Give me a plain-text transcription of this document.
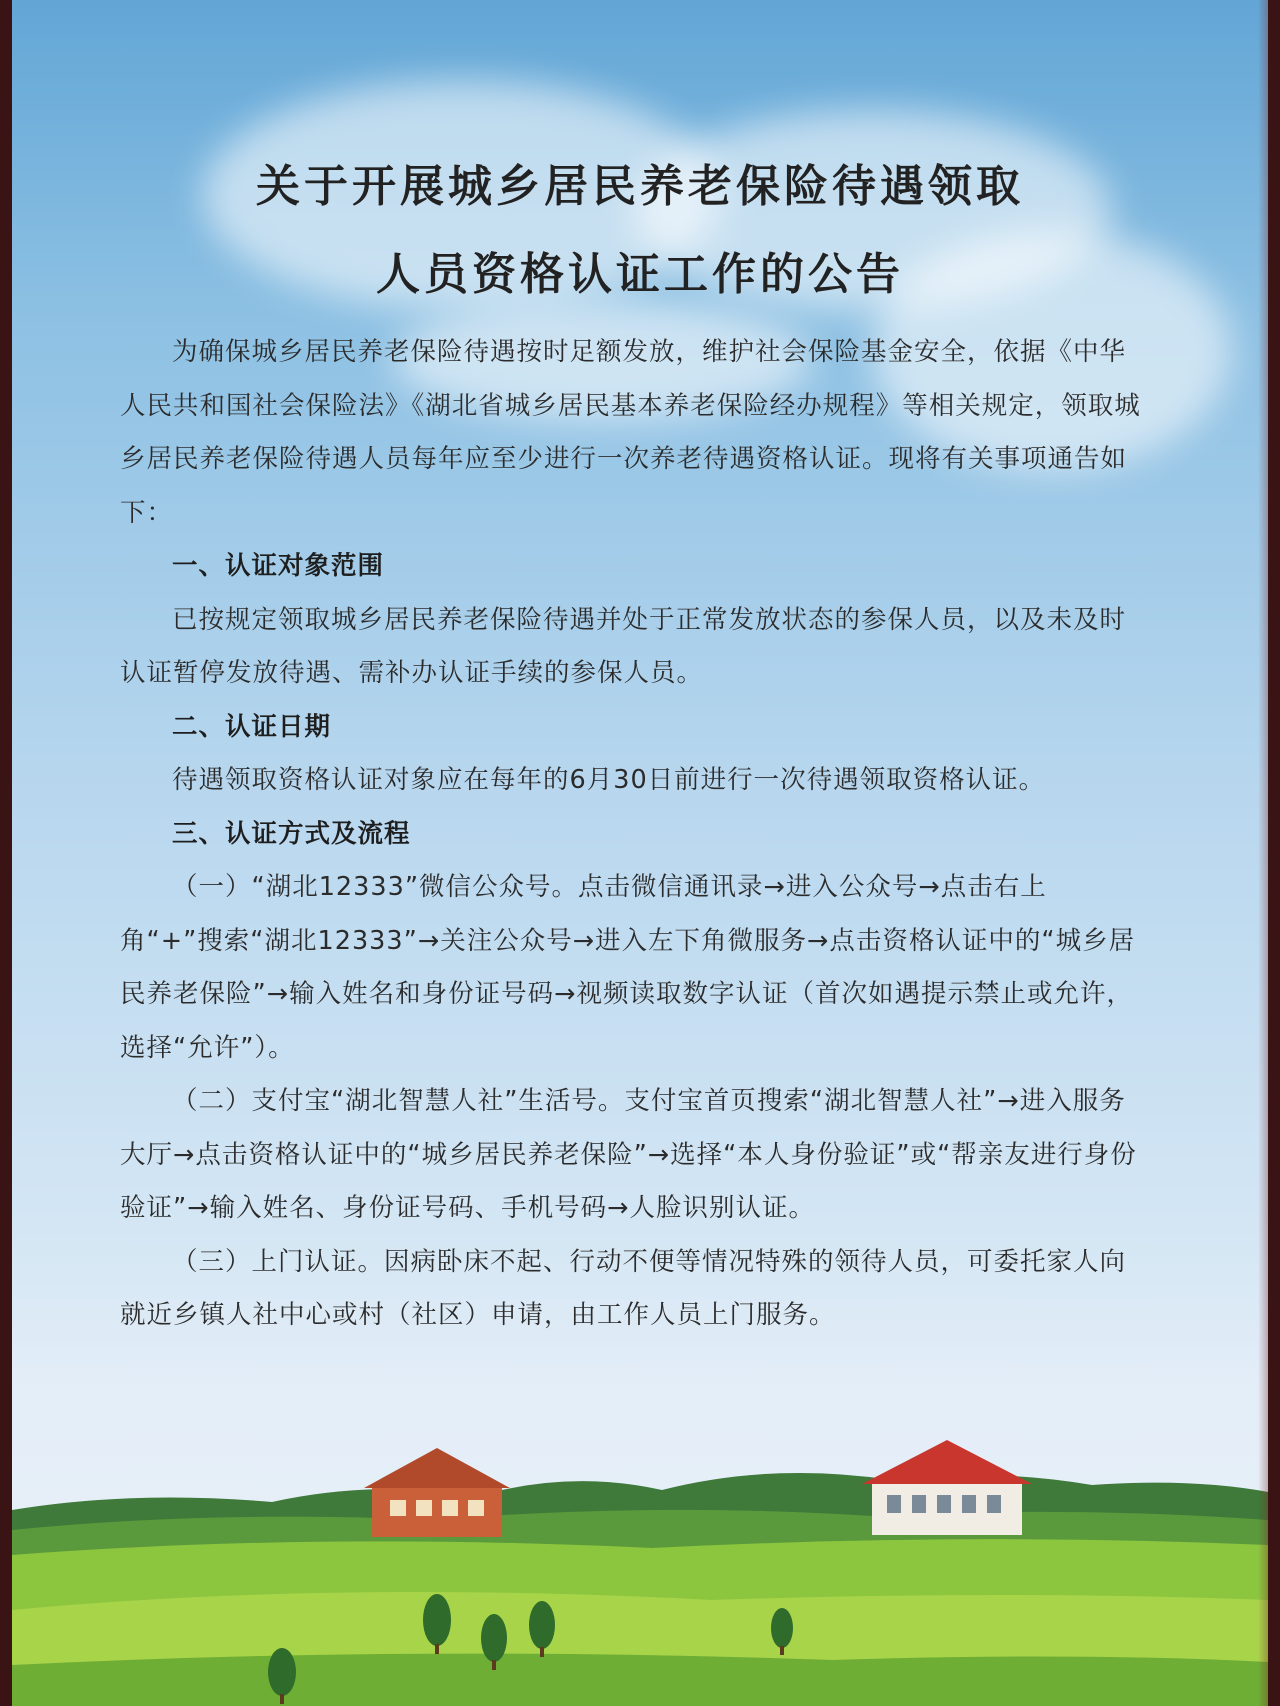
关于开展城乡居民养老保险待遇领取
人员资格认证工作的公告

为确保城乡居民养老保险待遇按时足额发放，维护社会保险基金安全，依据《中华人民共和国社会保险法》《湖北省城乡居民基本养老保险经办规程》等相关规定，领取城乡居民养老保险待遇人员每年应至少进行一次养老待遇资格认证。现将有关事项通告如下：

一、认证对象范围

已按规定领取城乡居民养老保险待遇并处于正常发放状态的参保人员，以及未及时认证暂停发放待遇、需补办认证手续的参保人员。

二、认证日期

待遇领取资格认证对象应在每年的6月30日前进行一次待遇领取资格认证。

三、认证方式及流程

（一）“湖北12333”微信公众号。点击微信通讯录→进入公众号→点击右上角“+”搜索“湖北12333”→关注公众号→进入左下角微服务→点击资格认证中的“城乡居民养老保险”→输入姓名和身份证号码→视频读取数字认证（首次如遇提示禁止或允许，选择“允许”）。

（二）支付宝“湖北智慧人社”生活号。支付宝首页搜索“湖北智慧人社”→进入服务大厅→点击资格认证中的“城乡居民养老保险”→选择“本人身份验证”或“帮亲友进行身份验证”→输入姓名、身份证号码、手机号码→人脸识别认证。

（三）上门认证。因病卧床不起、行动不便等情况特殊的领待人员，可委托家人向就近乡镇人社中心或村（社区）申请，由工作人员上门服务。
